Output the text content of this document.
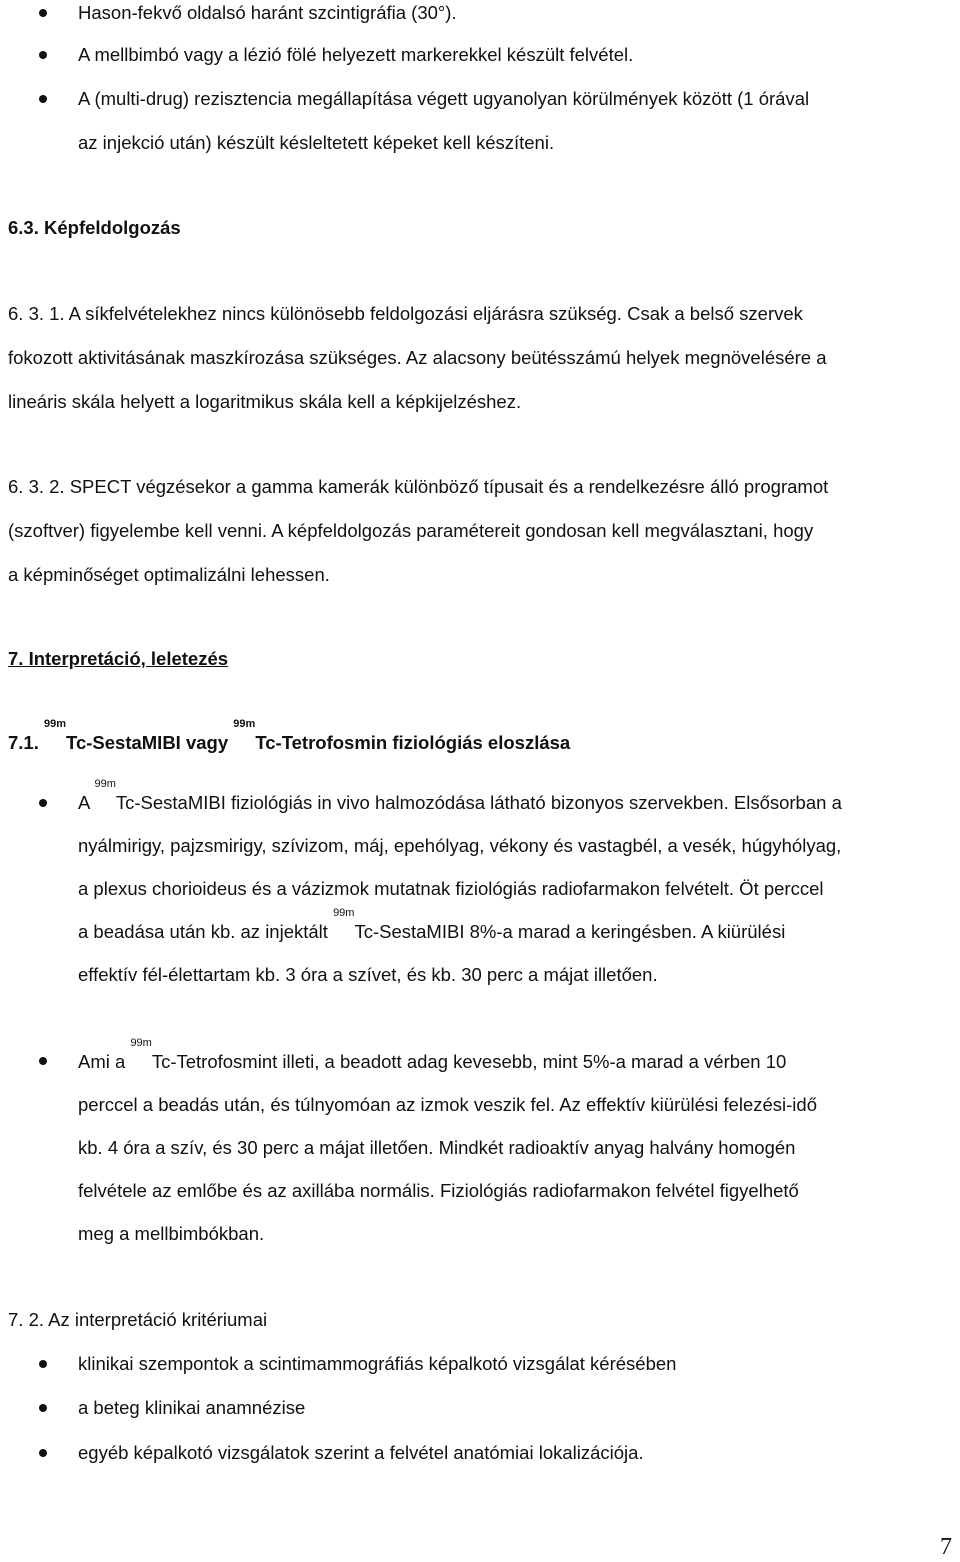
Hason-fekvő oldalsó haránt szcintigráfia (30°).
A mellbimbó vagy a lézió fölé helyezett markerekkel készült felvétel.
A (multi-drug) rezisztencia megállapítása végett ugyanolyan körülmények között (1 órával
az injekció után) készült késleltetett képeket kell készíteni.
6.3. Képfeldolgozás
6. 3. 1. A síkfelvételekhez nincs különösebb feldolgozási eljárásra szükség. Csak a belső szervek
fokozott aktivitásának maszkírozása szükséges. Az alacsony beütésszámú helyek megnövelésére a
lineáris skála helyett a logaritmikus skála kell a képkijelzéshez.
6. 3. 2. SPECT végzésekor a gamma kamerák különböző típusait és a rendelkezésre álló programot
(szoftver) figyelembe kell venni. A képfeldolgozás paramétereit gondosan kell megválasztani, hogy
a képminőséget optimalizálni lehessen.
7. Interpretáció, leletezés
7.1. $^{99m}$Tc-SestaMIBI vagy $^{99m}$Tc-Tetrofosmin fiziológiás eloszlása
A $^{99m}$Tc-SestaMIBI fiziológiás in vivo halmozódása látható bizonyos szervekben. Elsősorban a
nyálmirigy, pajzsmirigy, szívizom, máj, epehólyag, vékony és vastagbél, a vesék, húgyhólyag,
a plexus chorioideus és a vázizmok mutatnak fiziológiás radiofarmakon felvételt. Öt perccel
a beadása után kb. az injektált $^{99m}$Tc-SestaMIBI 8%-a marad a keringésben. A kiürülési
effektív fél-élettartam kb. 3 óra a szívet, és kb. 30 perc a májat illetően.
Ami a $^{99m}$Tc-Tetrofosmint illeti, a beadott adag kevesebb, mint 5%-a marad a vérben 10
perccel a beadás után, és túlnyomóan az izmok veszik fel. Az effektív kiürülési felezési-idő
kb. 4 óra a szív, és 30 perc a májat illetően. Mindkét radioaktív anyag halvány homogén
felvétele az emlőbe és az axillába normális. Fiziológiás radiofarmakon felvétel figyelhető
meg a mellbimbókban.
7. 2. Az interpretáció kritériumai
klinikai szempontok a scintimammográfiás képalkotó vizsgálat kérésében
a beteg klinikai anamnézise
egyéb képalkotó vizsgálatok szerint a felvétel anatómiai lokalizációja.
7
